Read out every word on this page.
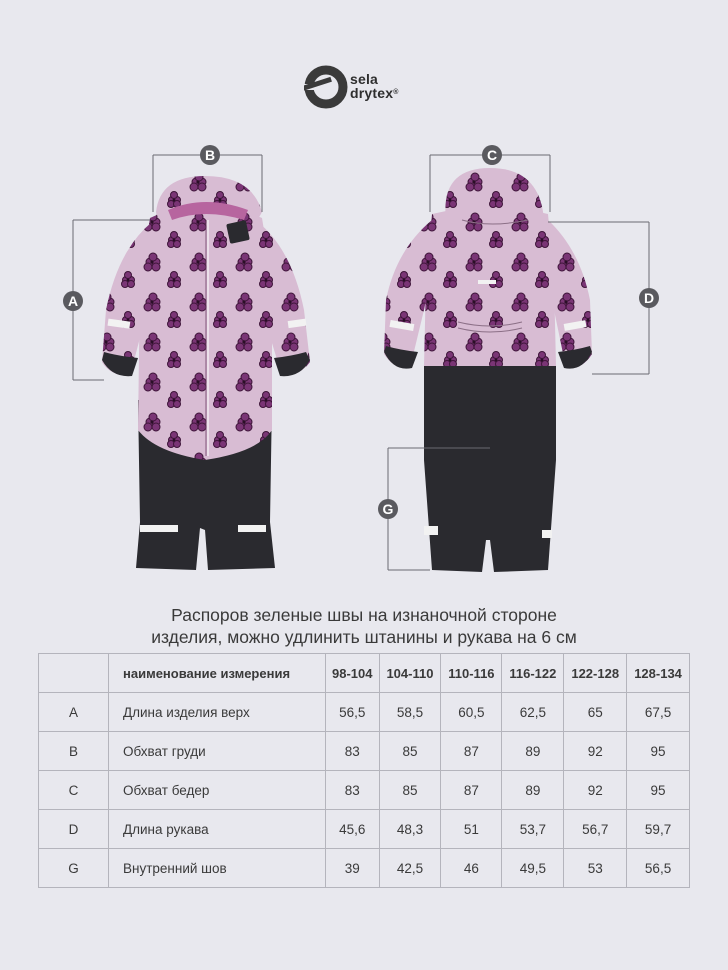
sela
drytex®
A
B	C
D
G
Распоров зеленые швы на изнаночной стороне
изделия, можно удлинить штанины и рукава на 6 см
	наименование измерения	98-104	104-110	110-116	116-122	122-128	128-134
A	Длина изделия верх	56,5	58,5	60,5	62,5	65	67,5
B	Обхват груди	83	85	87	89	92	95
C	Обхват бедер	83	85	87	89	92	95
D	Длина рукава	45,6	48,3	51	53,7	56,7	59,7
G	Внутренний шов	39	42,5	46	49,5	53	56,5
